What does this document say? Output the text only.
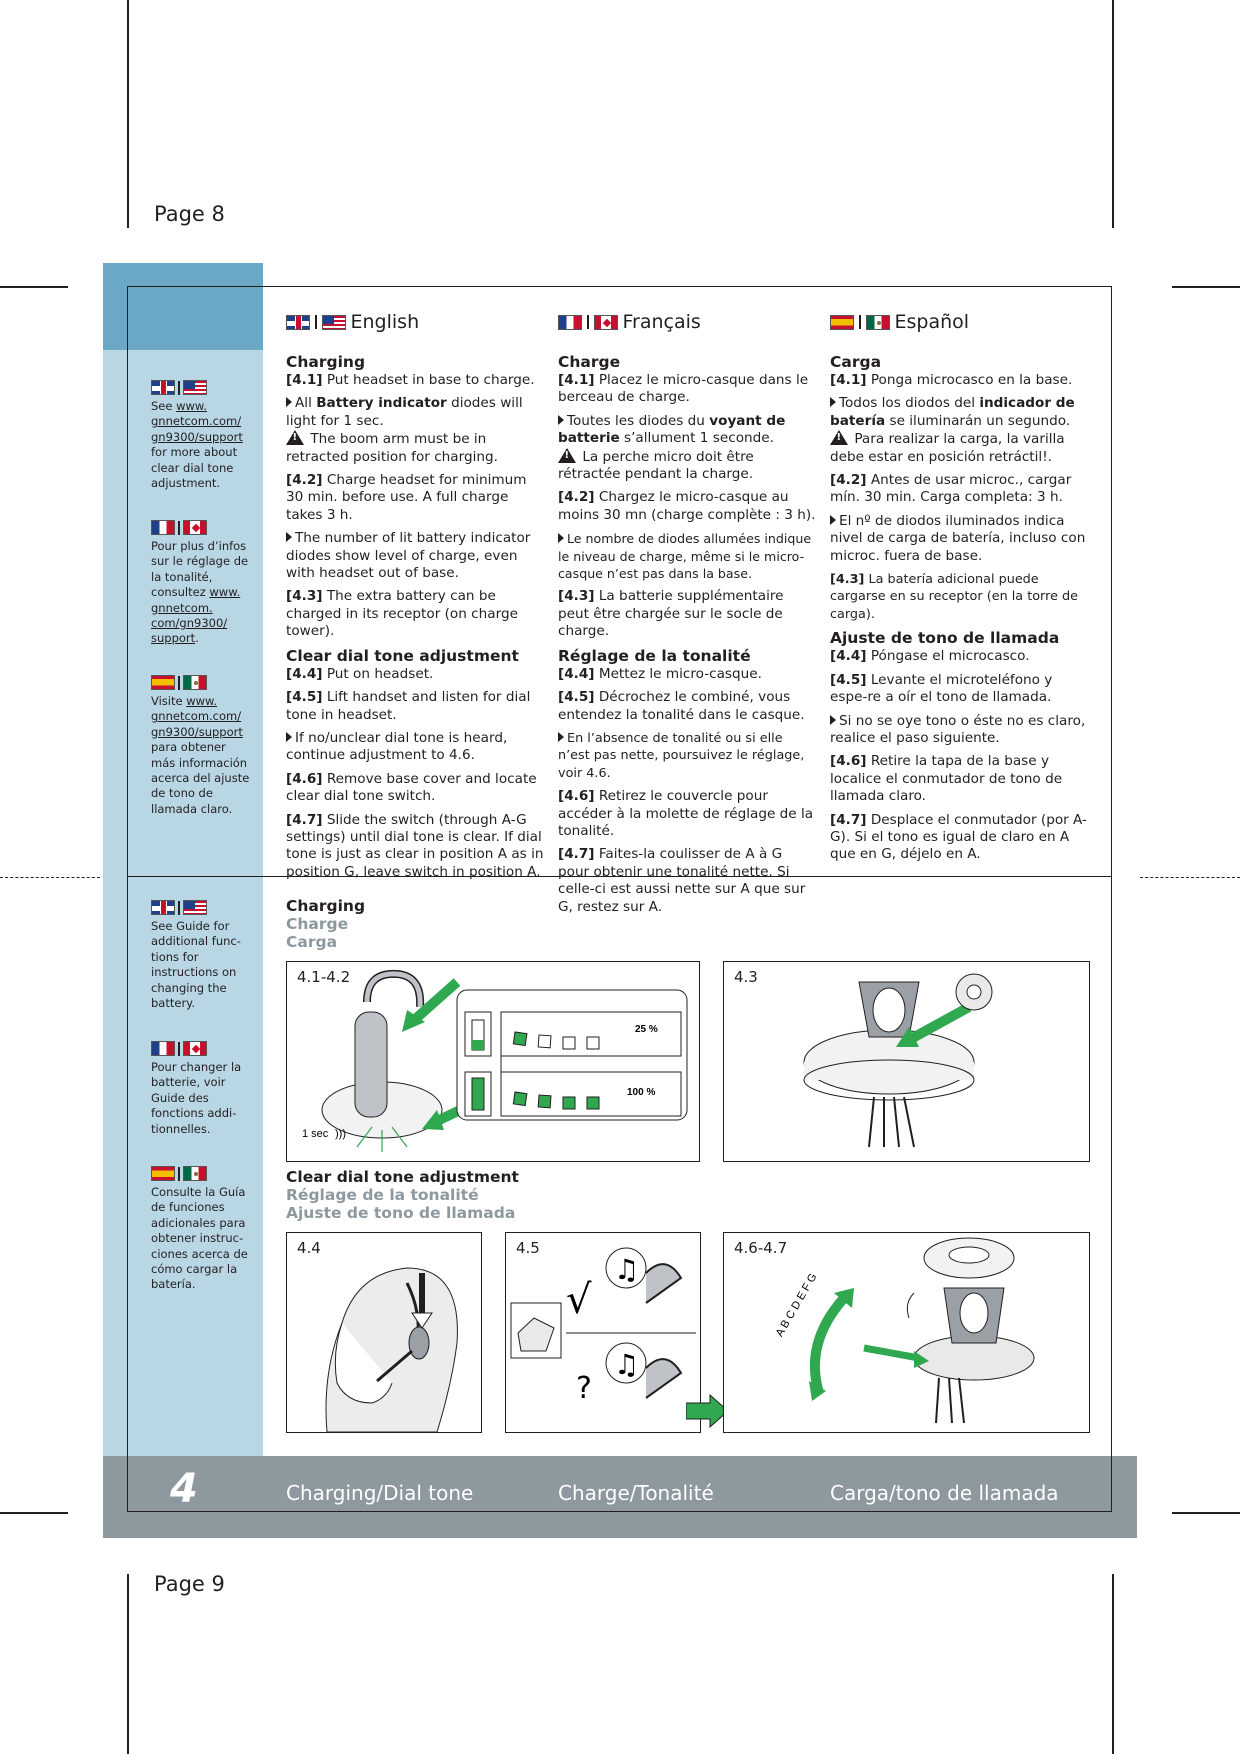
Page 8
Page 9
See www. gnnetcom.com/ gn9300/support for more about clear dial tone adjustment.
Pour plus d’infos sur le réglage de la tonalité, consultez www. gnnetcom. com/gn9300/ support.
Visite www. gnnetcom.com/ gn9300/support para obtener más información acerca del ajuste de tono de llamada claro.
See Guide for additional func-tions for instructions on changing the battery.
Pour changer la batterie, voir Guide des fonctions addi-tionnelles.
Consulte la Guía de funciones adicionales para obtener instruc-ciones acerca de cómo cargar la batería.
English	Français	Español
Charging

[4.1] Put headset in base to charge.

All Battery indicator diodes will light for 1 sec.
! The boom arm must be in retracted position for charging.

[4.2] Charge headset for minimum 30 min. before use. A full charge takes 3 h.

The number of lit battery indicator diodes show level of charge, even with headset out of base.

[4.3] The extra battery can be charged in its receptor (on charge tower).

Clear dial tone adjustment

[4.4] Put on headset.

[4.5] Lift handset and listen for dial tone in headset.

If no/unclear dial tone is heard, continue adjustment to 4.6.

[4.6] Remove base cover and locate clear dial tone switch.

[4.7] Slide the switch (through A-G settings) until dial tone is clear. If dial tone is just as clear in position A as in position G, leave switch in position A.

Charge

[4.1] Placez le micro-casque dans le berceau de charge.

Toutes les diodes du voyant de batterie s’allument 1 seconde.
! La perche micro doit être rétractée pendant la charge.

[4.2] Chargez le micro-casque au moins 30 mn (charge complète : 3 h).

Le nombre de diodes allumées indique le niveau de charge, même si le micro-casque n’est pas dans la base.

[4.3] La batterie supplémentaire peut être chargée sur le socle de charge.

Réglage de la tonalité

[4.4] Mettez le micro-casque.

[4.5] Décrochez le combiné, vous entendez la tonalité dans le casque.

En l’absence de tonalité ou si elle n’est pas nette, poursuivez le réglage, voir 4.6.

[4.6] Retirez le couvercle pour accéder à la molette de réglage de la tonalité.

[4.7] Faites-la coulisser de A à G pour obtenir une tonalité nette. Si celle-ci est aussi nette sur A que sur G, restez sur A.

Carga

[4.1] Ponga microcasco en la base.

Todos los diodos del indicador de batería se iluminarán un segundo.
! Para realizar la carga, la varilla debe estar en posición retráctil!.

[4.2] Antes de usar microc., cargar mín. 30 min. Carga completa: 3 h.

El nº de diodos iluminados indica nivel de carga de batería, incluso con microc. fuera de base.

[4.3] La batería adicional puede cargarse en su receptor (en la torre de carga).

Ajuste de tono de llamada

[4.4] Póngase el microcasco.

[4.5] Levante el microteléfono y espe-re a oír el tono de llamada.

Si no se oye tono o éste no es claro, realice el paso siguiente.

[4.6] Retire la tapa de la base y localice el conmutador de tono de llamada claro.

[4.7] Desplace el conmutador (por A-G). Si el tono es igual de claro en A que en G, déjelo en A.

Charging
Charge
Carga
Clear dial tone adjustment
Réglage de la tonalité
Ajuste de tono de llamada
4.1-4.2
1 sec )))
25 %
100 %
4.3
4.4	4.5
√
♫
?
♫
4.6-4.7
A B C D E F G
4	Charging/Dial tone	Charge/Tonalité	Carga/tono de llamada
